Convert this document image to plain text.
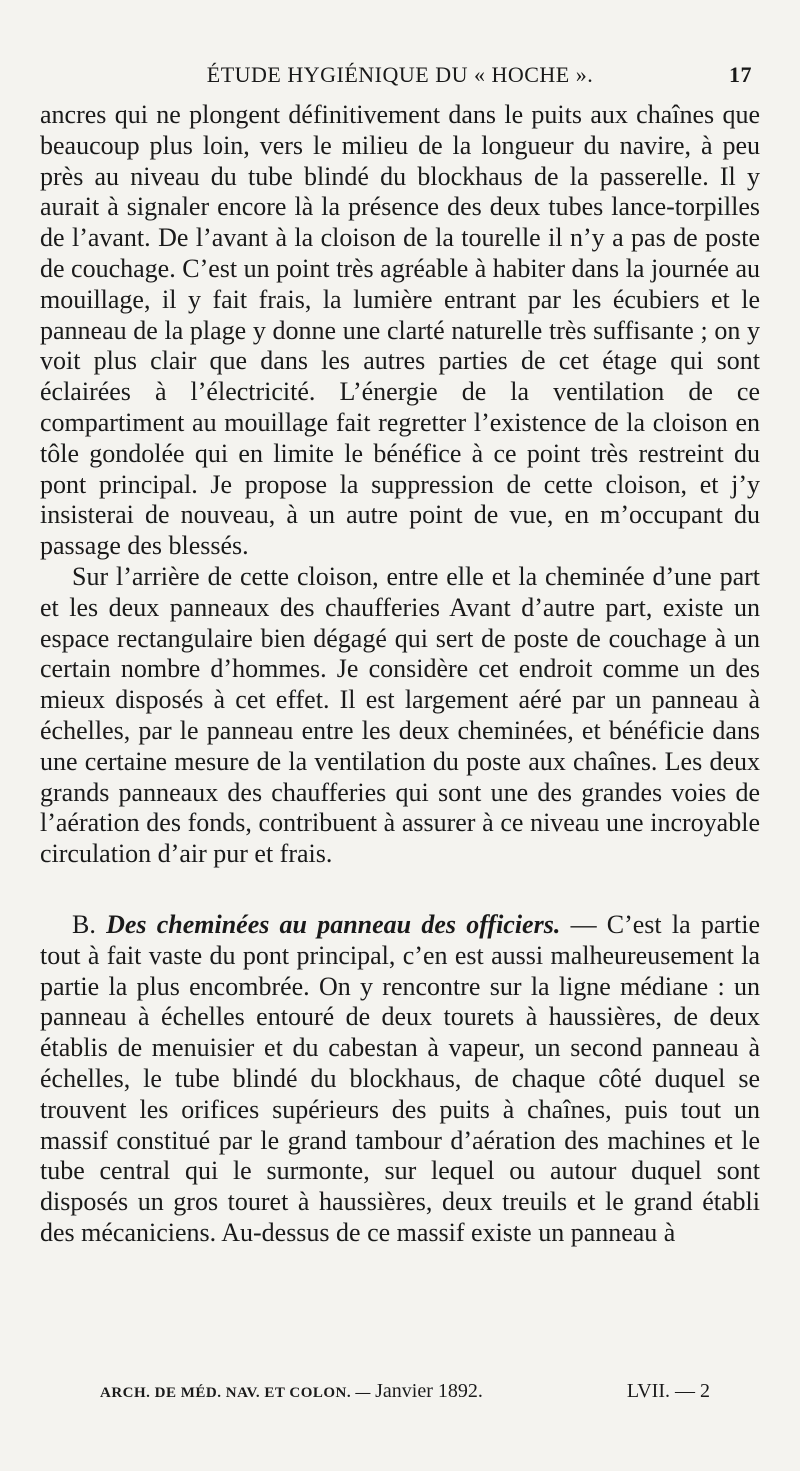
ÉTUDE HYGIÉNIQUE DU « HOCHE ».	17

ancres qui ne plongent définitivement dans le puits aux chaînes que beaucoup plus loin, vers le milieu de la longueur du navire, à peu près au niveau du tube blindé du blockhaus de la passerelle. Il y aurait à signaler encore là la présence des deux tubes lance-torpilles de l’avant. De l’avant à la cloison de la tourelle il n’y a pas de poste de couchage. C’est un point très agréable à habiter dans la journée au mouillage, il y fait frais, la lumière entrant par les écubiers et le panneau de la plage y donne une clarté naturelle très suffisante ; on y voit plus clair que dans les autres parties de cet étage qui sont éclairées à l’électricité. L’énergie de la ventilation de ce compartiment au mouillage fait regretter l’existence de la cloison en tôle gondolée qui en limite le bénéfice à ce point très restreint du pont principal. Je propose la suppression de cette cloison, et j’y insisterai de nouveau, à un autre point de vue, en m’occupant du passage des blessés.

Sur l’arrière de cette cloison, entre elle et la cheminée d’une part et les deux panneaux des chaufferies Avant d’autre part, existe un espace rectangulaire bien dégagé qui sert de poste de couchage à un certain nombre d’hommes. Je considère cet endroit comme un des mieux disposés à cet effet. Il est largement aéré par un panneau à échelles, par le panneau entre les deux cheminées, et bénéficie dans une certaine mesure de la ventilation du poste aux chaînes. Les deux grands panneaux des chaufferies qui sont une des grandes voies de l’aération des fonds, contribuent à assurer à ce niveau une incroyable circulation d’air pur et frais.

B. Des cheminées au panneau des officiers. — C’est la partie tout à fait vaste du pont principal, c’en est aussi malheureusement la partie la plus encombrée. On y rencontre sur la ligne médiane : un panneau à échelles entouré de deux tourets à haussières, de deux établis de menuisier et du cabestan à vapeur, un second panneau à échelles, le tube blindé du blockhaus, de chaque côté duquel se trouvent les orifices supérieurs des puits à chaînes, puis tout un massif constitué par le grand tambour d’aération des machines et le tube central qui le surmonte, sur lequel ou autour duquel sont disposés un gros touret à haussières, deux treuils et le grand établi des mécaniciens. Au-dessus de ce massif existe un panneau à

ARCH. DE MÉD. NAV. ET COLON. — Janvier 1892.	LVII. — 2
